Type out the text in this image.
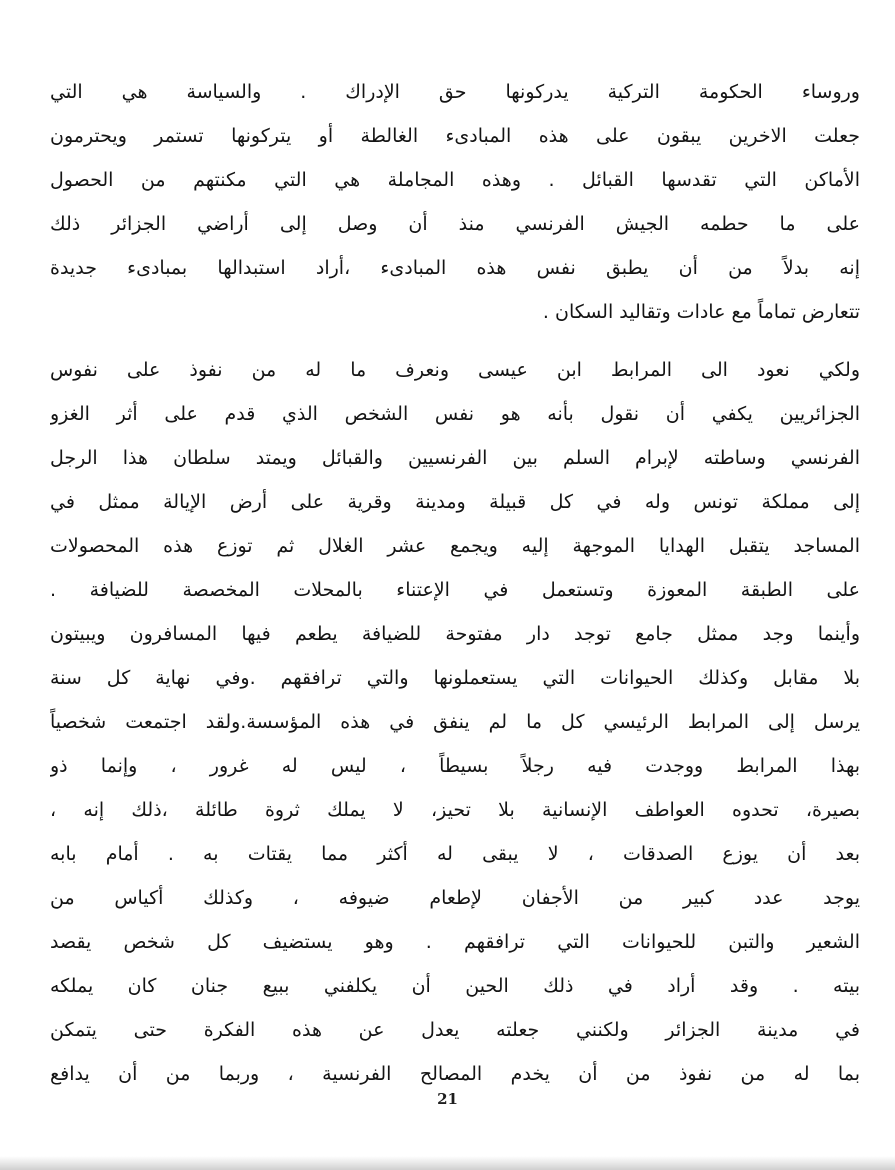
وروساء الحكومة التركية يدركونها حق الإدراك . والسياسة هي التي
جعلت الاخرين يبقون على هذه المبادىء الغالطة أو يتركونها تستمر ويحترمون
الأماكن التي تقدسها القبائل . وهذه المجاملة هي التي مكنتهم من الحصول
على ما حطمه الجيش الفرنسي منذ أن وصل إلى أراضي الجزائر ذلك
إنه بدلاً من أن يطبق نفس هذه المبادىء ،أراد استبدالها بمبادىء جديدة
تتعارض تماماً مع عادات وتقاليد السكان .
ولكي نعود الى المرابط ابن عيسى ونعرف ما له من نفوذ على نفوس
الجزائريين يكفي أن نقول بأنه هو نفس الشخص الذي قدم على أثر الغزو
الفرنسي وساطته لإبرام السلم بين الفرنسيين والقبائل ويمتد سلطان هذا الرجل
إلى مملكة تونس وله في كل قبيلة ومدينة وقرية على أرض الإيالة ممثل في
المساجد يتقبل الهدايا الموجهة إليه ويجمع عشر الغلال ثم توزع هذه المحصولات
على الطبقة المعوزة وتستعمل في الإعتناء بالمحلات المخصصة للضيافة .
وأينما وجد ممثل جامع توجد دار مفتوحة للضيافة يطعم فيها المسافرون ويبيتون
بلا مقابل وكذلك الحيوانات التي يستعملونها والتي ترافقهم .وفي نهاية كل سنة
يرسل إلى المرابط الرئيسي كل ما لم ينفق في هذه المؤسسة.ولقد اجتمعت شخصياً
بهذا المرابط ووجدت فيه رجلاً بسيطاً ، ليس له غرور ، وإنما ذو
بصيرة، تحدوه العواطف الإنسانية بلا تحيز، لا يملك ثروة طائلة ،ذلك إنه ،
بعد أن يوزع الصدقات ، لا يبقى له أكثر مما يقتات به . أمام بابه
يوجد عدد كبير من الأجفان لإطعام ضيوفه ، وكذلك أكياس من
الشعير والتبن للحيوانات التي ترافقهم . وهو يستضيف كل شخص يقصد
بيته . وقد أراد في ذلك الحين أن يكلفني ببيع جنان كان يملكه
في مدينة الجزائر ولكنني جعلته يعدل عن هذه الفكرة حتى يتمكن
بما له من نفوذ من أن يخدم المصالح الفرنسية ، وربما من أن يدافع
21
